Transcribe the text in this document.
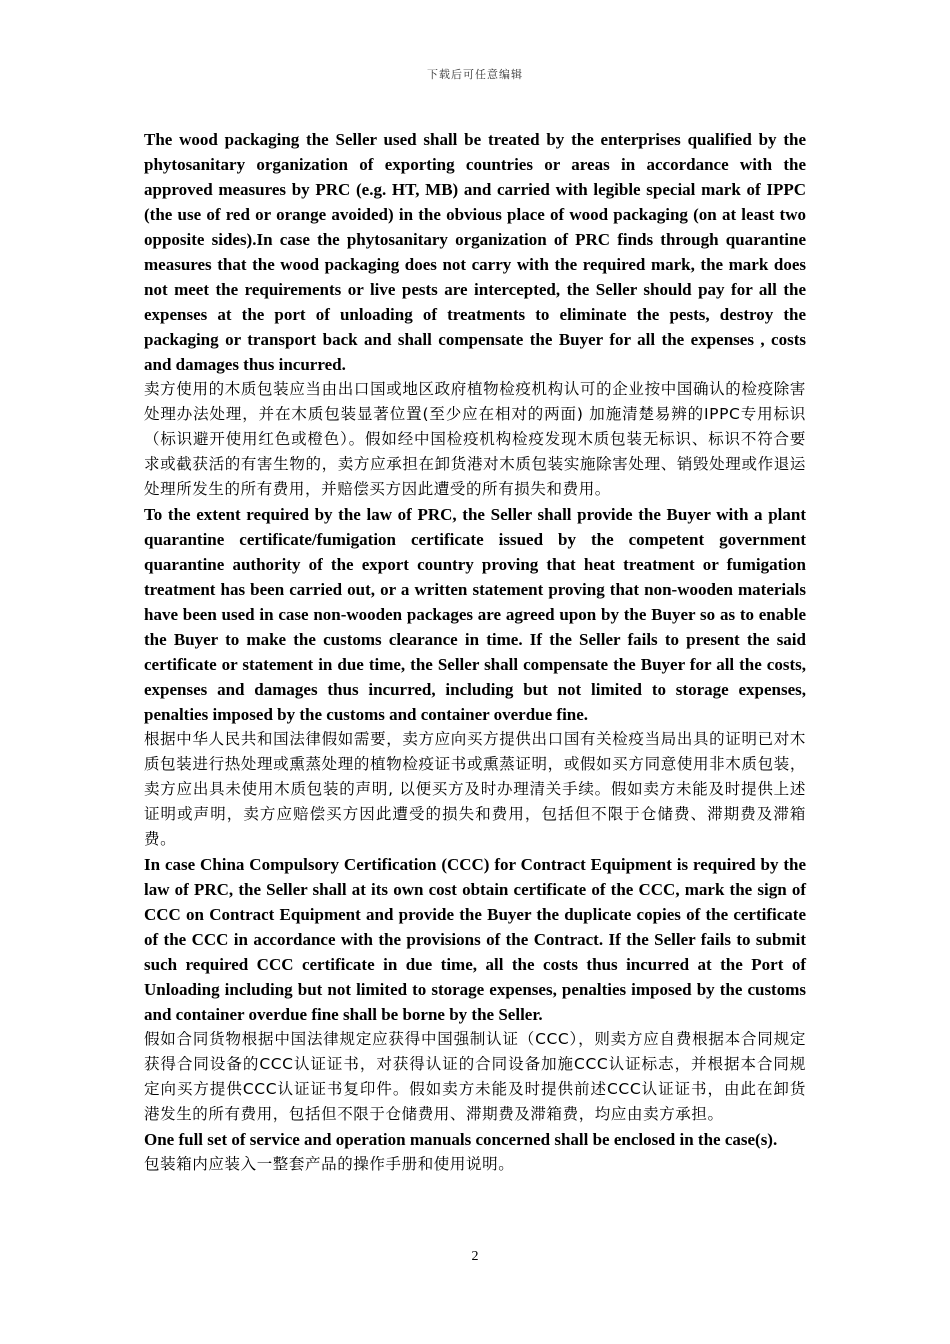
下载后可任意编辑

The wood packaging the Seller used shall be treated by the enterprises qualified by the phytosanitary organization of exporting countries or areas in accordance with the approved measures by PRC (e.g. HT, MB) and carried with legible special mark of IPPC (the use of red or orange avoided) in the obvious place of wood packaging (on at least two opposite sides).In case the phytosanitary organization of PRC finds through quarantine measures that the wood packaging does not carry with the required mark, the mark does not meet the requirements or live pests are intercepted, the Seller should pay for all the expenses at the port of unloading of treatments to eliminate the pests, destroy the packaging or transport back and shall compensate the Buyer for all the expenses , costs and damages thus incurred.

卖方使用的木质包装应当由出口国或地区政府植物检疫机构认可的企业按中国确认的检疫除害处理办法处理，并在木质包装显著位置(至少应在相对的两面) 加施清楚易辨的IPPC专用标识（标识避开使用红色或橙色）。假如经中国检疫机构检疫发现木质包装无标识、标识不符合要求或截获活的有害生物的，卖方应承担在卸货港对木质包装实施除害处理、销毁处理或作退运处理所发生的所有费用，并赔偿买方因此遭受的所有损失和费用。

To the extent required by the law of PRC, the Seller shall provide the Buyer with a plant quarantine certificate/fumigation certificate issued by the competent government quarantine authority of the export country proving that heat treatment or fumigation treatment has been carried out, or a written statement proving that non-wooden materials have been used in case non-wooden packages are agreed upon by the Buyer so as to enable the Buyer to make the customs clearance in time. If the Seller fails to present the said certificate or statement in due time, the Seller shall compensate the Buyer for all the costs, expenses and damages thus incurred, including but not limited to storage expenses, penalties imposed by the customs and container overdue fine.

根据中华人民共和国法律假如需要，卖方应向买方提供出口国有关检疫当局出具的证明已对木质包装进行热处理或熏蒸处理的植物检疫证书或熏蒸证明，或假如买方同意使用非木质包装，卖方应出具未使用木质包装的声明, 以便买方及时办理清关手续。假如卖方未能及时提供上述证明或声明，卖方应赔偿买方因此遭受的损失和费用，包括但不限于仓储费、滞期费及滞箱费。

In case China Compulsory Certification (CCC) for Contract Equipment is required by the law of PRC, the Seller shall at its own cost obtain certificate of the CCC, mark the sign of CCC on Contract Equipment and provide the Buyer the duplicate copies of the certificate of the CCC in accordance with the provisions of the Contract. If the Seller fails to submit such required CCC certificate in due time, all the costs thus incurred at the Port of Unloading including but not limited to storage expenses, penalties imposed by the customs and container overdue fine shall be borne by the Seller.

假如合同货物根据中国法律规定应获得中国强制认证（CCC），则卖方应自费根据本合同规定获得合同设备的CCC认证证书，对获得认证的合同设备加施CCC认证标志，并根据本合同规定向买方提供CCC认证证书复印件。假如卖方未能及时提供前述CCC认证证书，由此在卸货港发生的所有费用，包括但不限于仓储费用、滞期费及滞箱费，均应由卖方承担。

One full set of service and operation manuals concerned shall be enclosed in the case(s).

包装箱内应装入一整套产品的操作手册和使用说明。

2
